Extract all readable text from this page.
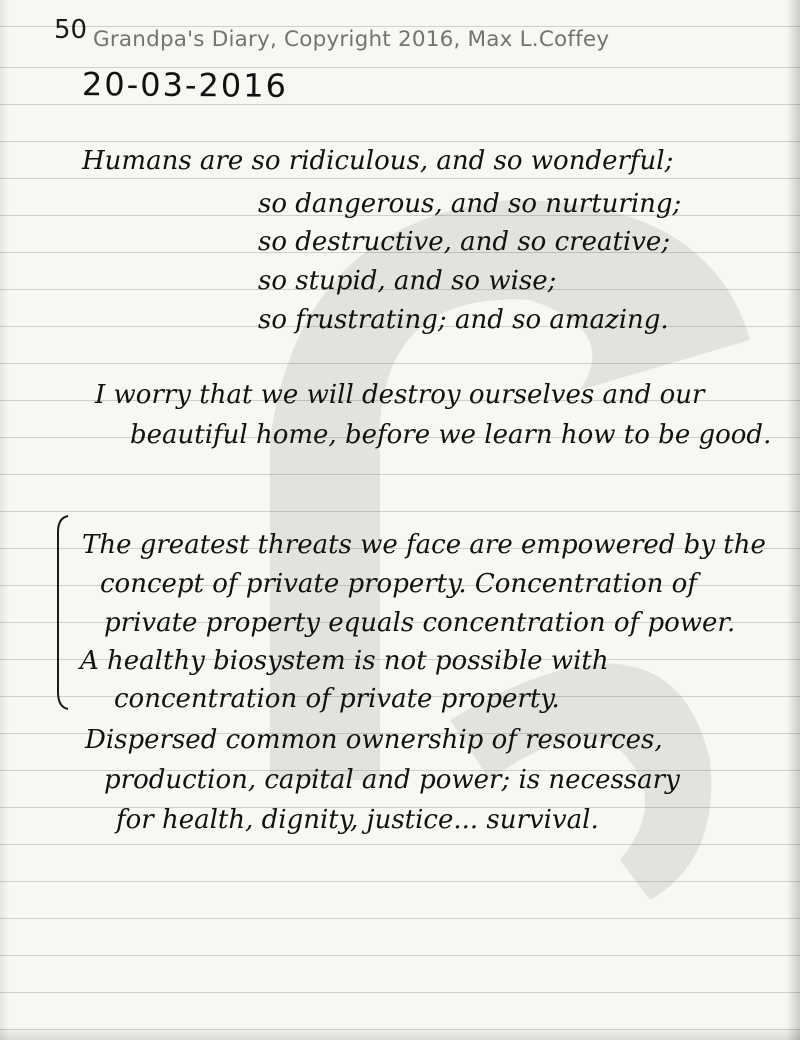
50 Grandpa's Diary, Copyright 2016, Max L.Coffey
20-03-2016
Humans are so ridiculous, and so wonderful;
so dangerous, and so nurturing;
so destructive, and so creative;
so stupid, and so wise;
so frustrating; and so amazing.
I worry that we will destroy ourselves and our
beautiful home, before we learn how to be good.
The greatest threats we face are empowered by the
concept of private property. Concentration of
private property equals concentration of power.
A healthy biosystem is not possible with
concentration of private property.
Dispersed common ownership of resources,
production, capital and power; is necessary
for health, dignity, justice... survival.
